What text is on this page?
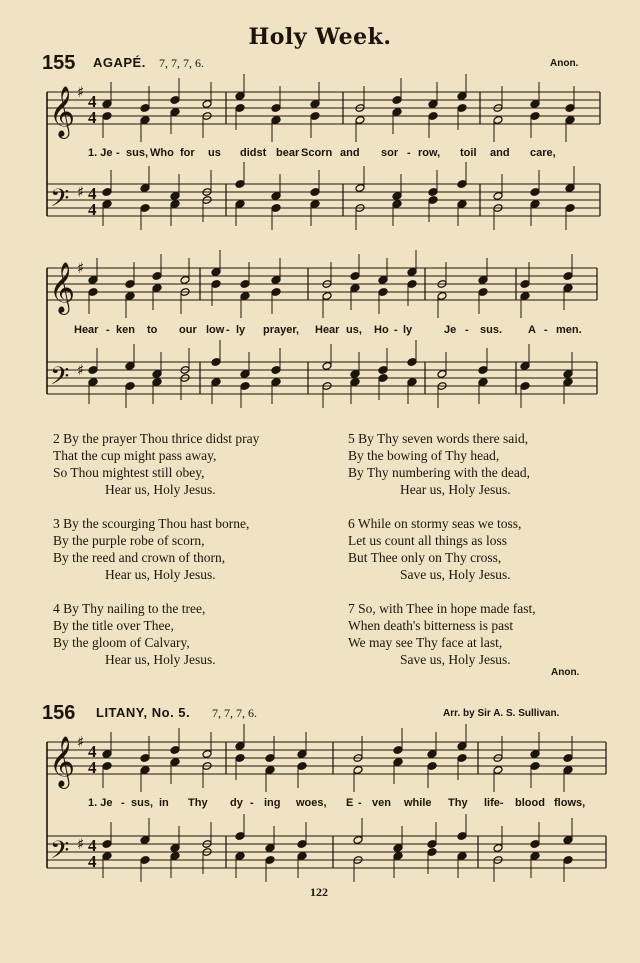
Holy Week.
155 AGAPÉ. 7, 7, 7, 6.	Anon.
𝄞
𝄢
♯
♯
4
4
4
4
𝄞
𝄢
♯
♯
𝄞
𝄢
♯
♯
4
4
4
4
1. Je - sus, Who for us didst bear Scorn and sor - row, toil and care,
Hear - ken to our low - ly prayer, Hear us, Ho - ly	Je - sus. A - men.
1. Je - sus, in Thy dy - ing woes, E - ven while Thy life- blood flows,
2 By the prayer Thou thrice didst pray
That the cup might pass away,
So Thou mightest still obey,
Hear us, Holy Jesus.
3 By the scourging Thou hast borne,
By the purple robe of scorn,
By the reed and crown of thorn,
Hear us, Holy Jesus.
4 By Thy nailing to the tree,
By the title over Thee,
By the gloom of Calvary,
Hear us, Holy Jesus.
5 By Thy seven words there said,
By the bowing of Thy head,
By Thy numbering with the dead,
Hear us, Holy Jesus.
6 While on stormy seas we toss,
Let us count all things as loss
But Thee only on Thy cross,
Save us, Holy Jesus.
7 So, with Thee in hope made fast,
When death's bitterness is past
We may see Thy face at last,
Save us, Holy Jesus.
Anon.
156 LITANY, No. 5. 7, 7, 7, 6.	Arr. by Sir A. S. Sullivan.
122
